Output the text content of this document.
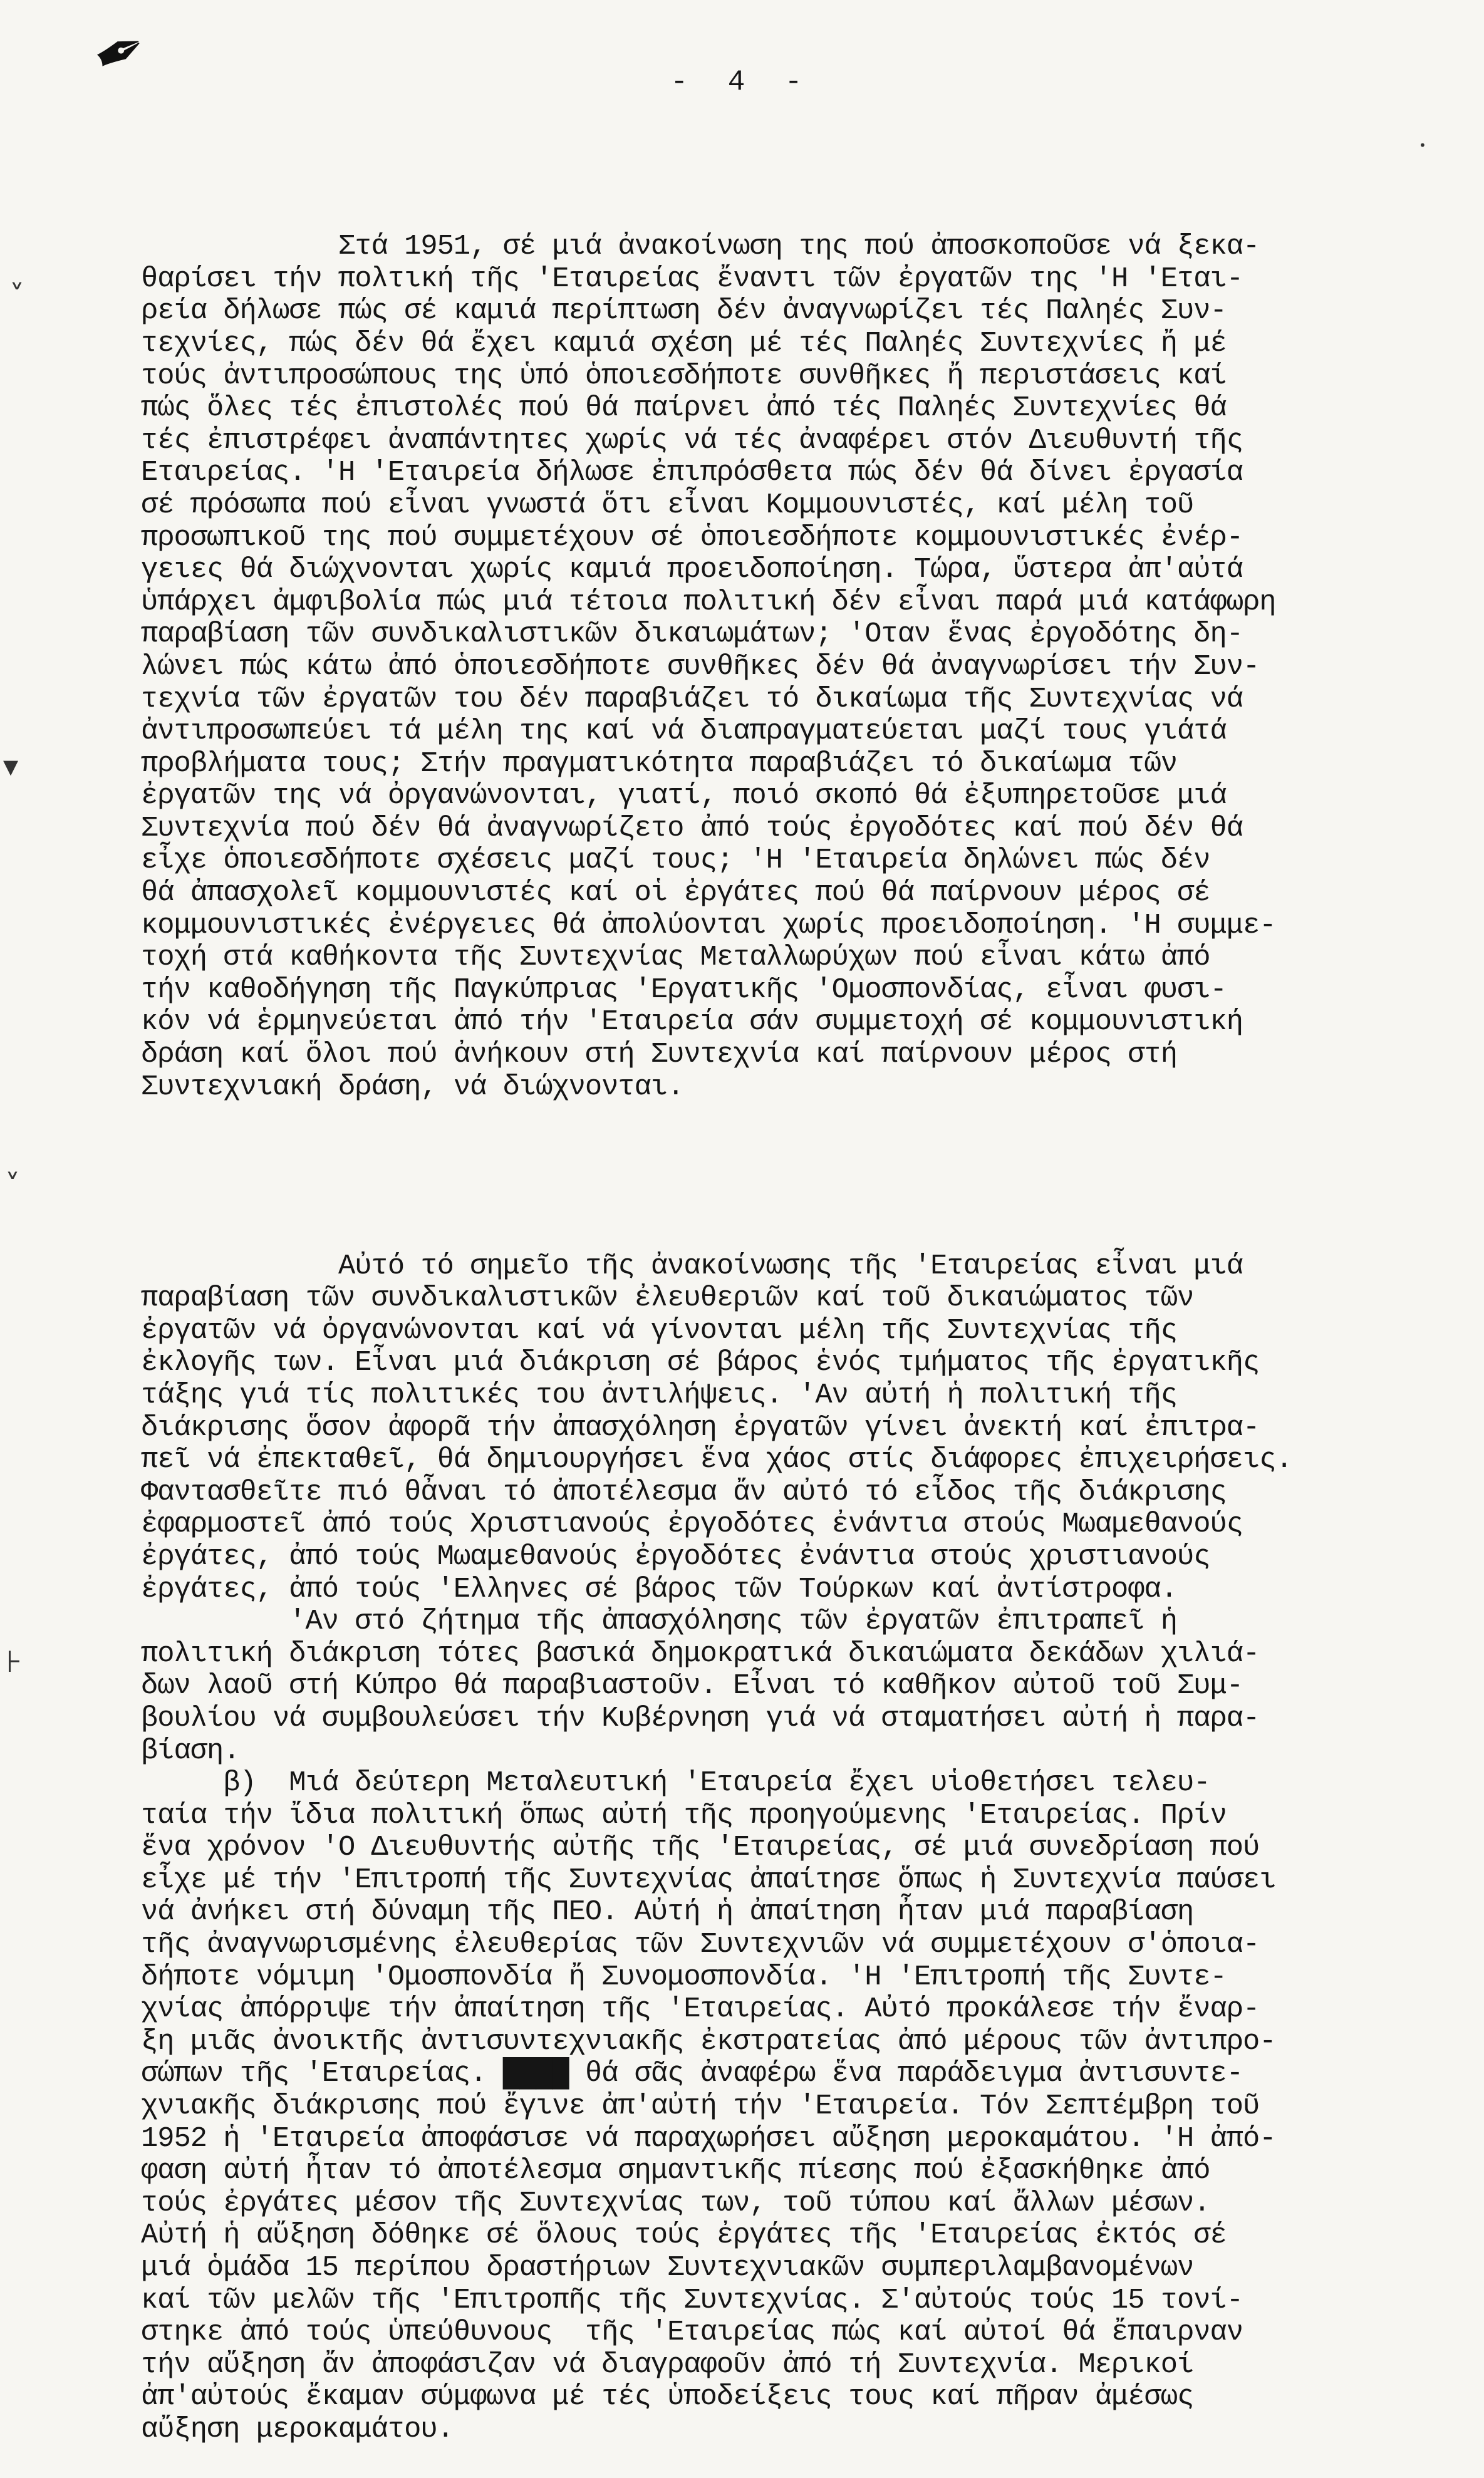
✒
˅
▾
˅
⊦
•
- 4 -

Στά 1951, σέ μιά ἀνακοίνωση της πού ἀποσκοποῦσε νά ξεκα-
θαρίσει τήν πολτική τῆς 'Εταιρείας ἔναντι τῶν ἐργατῶν της 'Η 'Εται-
ρεία δήλωσε πώς σέ καμιά περίπτωση δέν ἀναγνωρίζει τές Παληές Συν-
τεχνίες, πώς δέν θά ἔχει καμιά σχέση μέ τές Παληές Συντεχνίες ἤ μέ
τούς ἀντιπροσώπους της ὑπό ὁποιεσδήποτε συνθῆκες ἤ περιστάσεις καί
πώς ὅλες τές ἐπιστολές πού θά παίρνει ἀπό τές Παληές Συντεχνίες θά
τές ἐπιστρέφει ἀναπάντητες χωρίς νά τές ἀναφέρει στόν Διευθυντή τῆς
Εταιρείας. 'Η 'Εταιρεία δήλωσε ἐπιπρόσθετα πώς δέν θά δίνει ἐργασία
σέ πρόσωπα πού εἶναι γνωστά ὅτι εἶναι Κομμουνιστές, καί μέλη τοῦ
προσωπικοῦ της πού συμμετέχουν σέ ὁποιεσδήποτε κομμουνιστικές ἐνέρ-
γειες θά διώχνονται χωρίς καμιά προειδοποίηση. Τώρα, ὕστερα ἀπ'αὐτά
ὑπάρχει ἀμφιβολία πώς μιά τέτοια πολιτική δέν εἶναι παρά μιά κατάφωρη
παραβίαση τῶν συνδικαλιστικῶν δικαιωμάτων; 'Οταν ἕνας ἐργοδότης δη-
λώνει πώς κάτω ἀπό ὁποιεσδήποτε συνθῆκες δέν θά ἀναγνωρίσει τήν Συν-
τεχνία τῶν ἐργατῶν του δέν παραβιάζει τό δικαίωμα τῆς Συντεχνίας νά
ἀντιπροσωπεύει τά μέλη της καί νά διαπραγματεύεται μαζί τους γιάτά
προβλήματα τους; Στήν πραγματικότητα παραβιάζει τό δικαίωμα τῶν
ἐργατῶν της νά ὀργανώνονται, γιατί, ποιό σκοπό θά ἐξυπηρετοῦσε μιά
Συντεχνία πού δέν θά ἀναγνωρίζετο ἀπό τούς ἐργοδότες καί πού δέν θά
εἶχε ὁποιεσδήποτε σχέσεις μαζί τους; 'Η 'Εταιρεία δηλώνει πώς δέν
θά ἀπασχολεῖ κομμουνιστές καί οἱ ἐργάτες πού θά παίρνουν μέρος σέ
κομμουνιστικές ἐνέργειες θά ἀπολύονται χωρίς προειδοποίηση. 'Η συμμε-
τοχή στά καθήκοντα τῆς Συντεχνίας Μεταλλωρύχων πού εἶναι κάτω ἀπό
τήν καθοδήγηση τῆς Παγκύπριας 'Εργατικῆς 'Ομοσπονδίας, εἶναι φυσι-
κόν νά ἑρμηνεύεται ἀπό τήν 'Εταιρεία σάν συμμετοχή σέ κομμουνιστική
δράση καί ὅλοι πού ἀνήκουν στή Συντεχνία καί παίρνουν μέρος στή
Συντεχνιακή δράση, νά διώχνονται.

Αὐτό τό σημεῖο τῆς ἀνακοίνωσης τῆς 'Εταιρείας εἶναι μιά
παραβίαση τῶν συνδικαλιστικῶν ἐλευθεριῶν καί τοῦ δικαιώματος τῶν
ἐργατῶν νά ὀργανώνονται καί νά γίνονται μέλη τῆς Συντεχνίας τῆς
ἐκλογῆς των. Εἶναι μιά διάκριση σέ βάρος ἑνός τμήματος τῆς ἐργατικῆς
τάξης γιά τίς πολιτικές του ἀντιλήψεις. 'Αν αὐτή ἡ πολιτική τῆς
διάκρισης ὅσον ἀφορᾶ τήν ἀπασχόληση ἐργατῶν γίνει ἀνεκτή καί ἐπιτρα-
πεῖ νά ἐπεκταθεῖ, θά δημιουργήσει ἕνα χάος στίς διάφορες ἐπιχειρήσεις.
Φαντασθεῖτε πιό θἆναι τό ἀποτέλεσμα ἄν αὐτό τό εἶδος τῆς διάκρισης
ἐφαρμοστεῖ ἀπό τούς Χριστιανούς ἐργοδότες ἐνάντια στούς Μωαμεθανούς
ἐργάτες, ἀπό τούς Μωαμεθανούς ἐργοδότες ἐνάντια στούς χριστιανούς
ἐργάτες, ἀπό τούς 'Ελληνες σέ βάρος τῶν Τούρκων καί ἀντίστροφα.
'Αν στό ζήτημα τῆς ἀπασχόλησης τῶν ἐργατῶν ἐπιτραπεῖ ἡ
πολιτική διάκριση τότες βασικά δημοκρατικά δικαιώματα δεκάδων χιλιά-
δων λαοῦ στή Κύπρο θά παραβιαστοῦν. Εἶναι τό καθῆκον αὐτοῦ τοῦ Συμ-
βουλίου νά συμβουλεύσει τήν Κυβέρνηση γιά νά σταματήσει αὐτή ἡ παρα-
βίαση.
β)  Μιά δεύτερη Μεταλευτική 'Εταιρεία ἔχει υἱοθετήσει τελευ-
ταία τήν ἴδια πολιτική ὅπως αὐτή τῆς προηγούμενης 'Εταιρείας. Πρίν
ἕνα χρόνον 'Ο Διευθυντής αὐτῆς τῆς 'Εταιρείας, σέ μιά συνεδρίαση πού
εἶχε μέ τήν 'Επιτροπή τῆς Συντεχνίας ἀπαίτησε ὅπως ἡ Συντεχνία παύσει
νά ἀνήκει στή δύναμη τῆς ΠΕΟ. Αὐτή ἡ ἀπαίτηση ἦταν μιά παραβίαση
τῆς ἀναγνωρισμένης ἐλευθερίας τῶν Συντεχνιῶν νά συμμετέχουν σ'ὁποια-
δήποτε νόμιμη 'Ομοσπονδία ἤ Συνομοσπονδία. 'Η 'Επιτροπή τῆς Συντε-
χνίας ἀπόρριψε τήν ἀπαίτηση τῆς 'Εταιρείας. Αὐτό προκάλεσε τήν ἔναρ-
ξη μιᾶς ἀνοικτῆς ἀντισυντεχνιακῆς ἐκστρατείας ἀπό μέρους τῶν ἀντιπρο-
σώπων τῆς 'Εταιρείας. ████ θά σᾶς ἀναφέρω ἕνα παράδειγμα ἀντισυντε-
χνιακῆς διάκρισης πού ἔγινε ἀπ'αὐτή τήν 'Εταιρεία. Τόν Σεπτέμβρη τοῦ
1952 ἡ 'Εταιρεία ἀποφάσισε νά παραχωρήσει αὔξηση μεροκαμάτου. 'Η ἀπό-
φαση αὐτή ἦταν τό ἀποτέλεσμα σημαντικῆς πίεσης πού ἐξασκήθηκε ἀπό
τούς ἐργάτες μέσον τῆς Συντεχνίας των, τοῦ τύπου καί ἄλλων μέσων.
Αὐτή ἡ αὔξηση δόθηκε σέ ὅλους τούς ἐργάτες τῆς 'Εταιρείας ἐκτός σέ
μιά ὁμάδα 15 περίπου δραστήριων Συντεχνιακῶν συμπεριλαμβανομένων
καί τῶν μελῶν τῆς 'Επιτροπῆς τῆς Συντεχνίας. Σ'αὐτούς τούς 15 τονί-
στηκε ἀπό τούς ὑπεύθυνους  τῆς 'Εταιρείας πώς καί αὐτοί θά ἔπαιρναν
τήν αὔξηση ἄν ἀποφάσιζαν νά διαγραφοῦν ἀπό τή Συντεχνία. Μερικοί
ἀπ'αὐτούς ἔκαμαν σύμφωνα μέ τές ὑποδείξεις τους καί πῆραν ἀμέσως
αὔξηση μεροκαμάτου.
